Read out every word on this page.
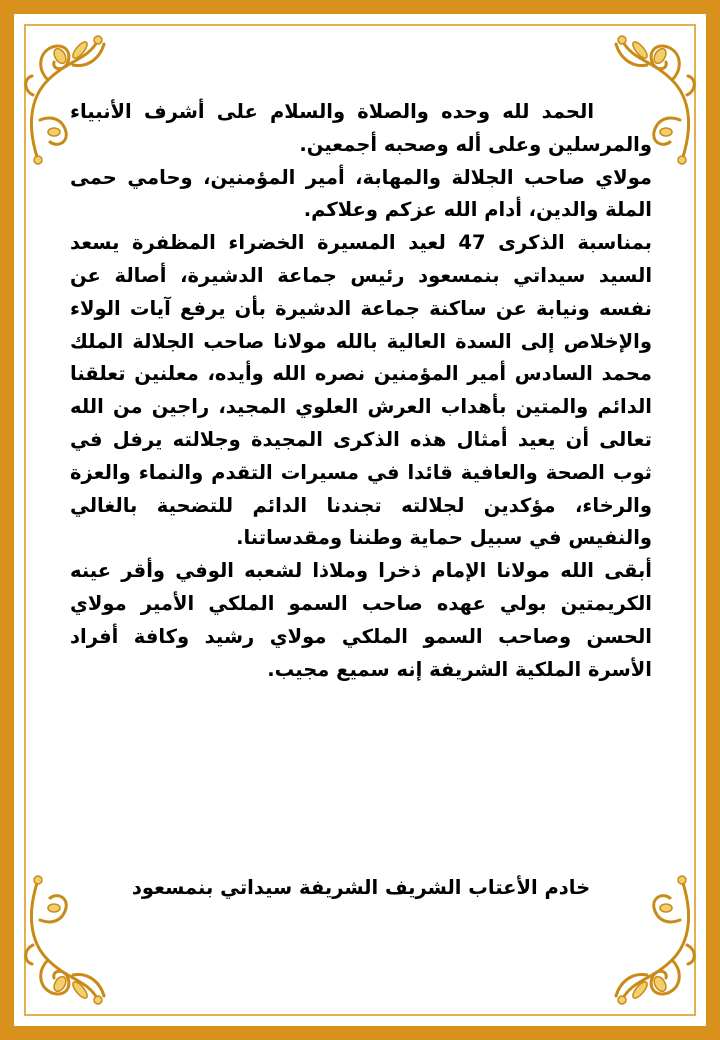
الحمد لله وحده والصلاة والسلام على أشرف الأنبياء والمرسلين وعلى أله وصحبه أجمعين.

مولاي صاحب الجلالة والمهابة، أمير المؤمنين، وحامي حمى الملة والدين، أدام الله عزكم وعلاكم.

بمناسبة الذكرى 47 لعيد المسيرة الخضراء المظفرة يسعد السيد سيداتي بنمسعود رئيس جماعة الدشيرة، أصالة عن نفسه ونيابة عن ساكنة جماعة الدشيرة بأن يرفع آيات الولاء والإخلاص إلى السدة العالية بالله مولانا صاحب الجلالة الملك محمد السادس أمير المؤمنين نصره الله وأيده، معلنين تعلقنا الدائم والمتين بأهداب العرش العلوي المجيد، راجين من الله تعالى أن يعيد أمثال هذه الذكرى المجيدة وجلالته يرفل في ثوب الصحة والعافية قائدا في مسيرات التقدم والنماء والعزة والرخاء، مؤكدين لجلالته تجندنا الدائم للتضحية بالغالي والنفيس في سبيل حماية وطننا ومقدساتنا.

أبقى الله مولانا الإمام ذخرا وملاذا لشعبه الوفي وأقر عينه الكريمتين بولي عهده صاحب السمو الملكي الأمير مولاي الحسن وصاحب السمو الملكي مولاي رشيد وكافة أفراد الأسرة الملكية الشريفة إنه سميع مجيب.

خادم الأعتاب الشريف الشريفة سيداتي بنمسعود
